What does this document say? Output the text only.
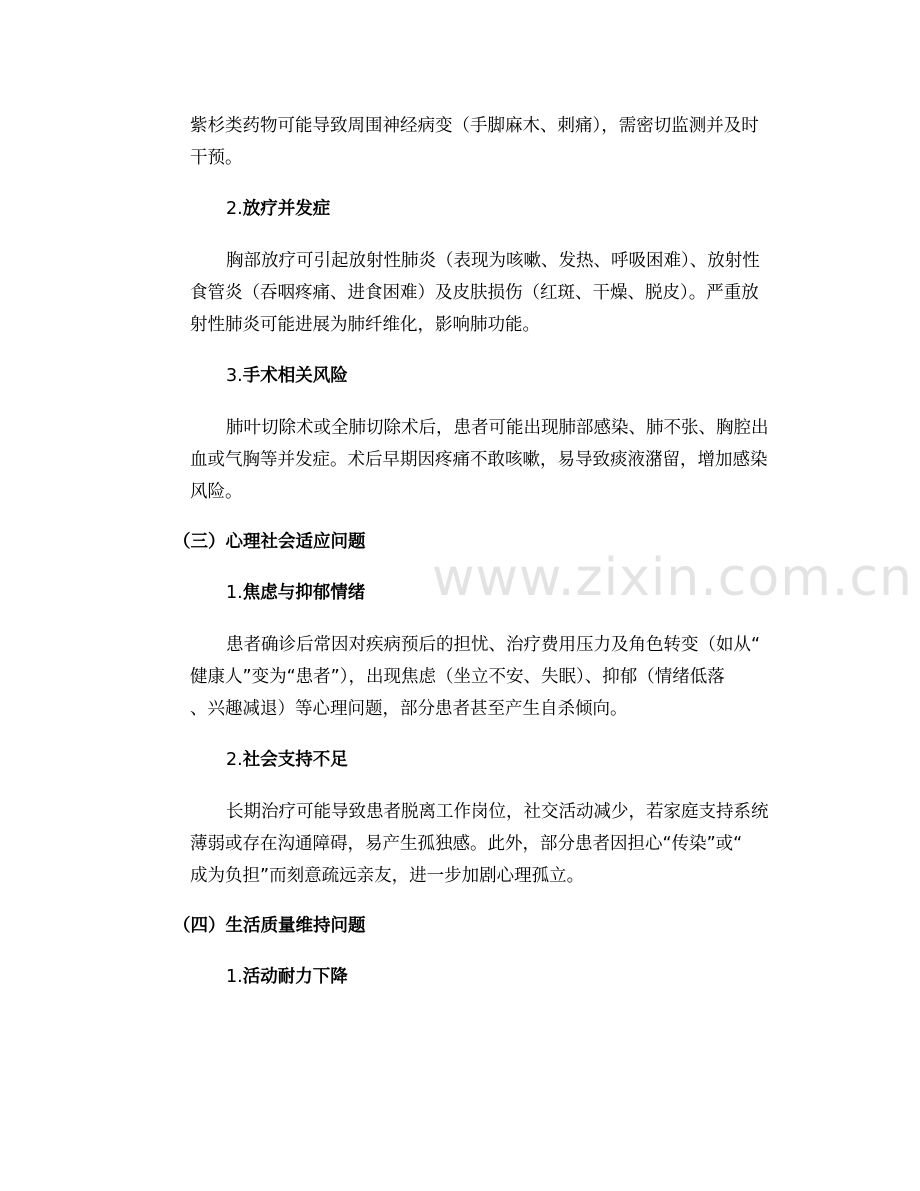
紫杉类药物可能导致周围神经病变（手脚麻木、刺痛），需密切监测并及时
干预。
2.放疗并发症
胸部放疗可引起放射性肺炎（表现为咳嗽、发热、呼吸困难）、放射性
食管炎（吞咽疼痛、进食困难）及皮肤损伤（红斑、干燥、脱皮）。严重放
射性肺炎可能进展为肺纤维化，影响肺功能。
3.手术相关风险
肺叶切除术或全肺切除术后，患者可能出现肺部感染、肺不张、胸腔出
血或气胸等并发症。术后早期因疼痛不敢咳嗽，易导致痰液潴留，增加感染
风险。
（三）心理社会适应问题
1.焦虑与抑郁情绪
患者确诊后常因对疾病预后的担忧、治疗费用压力及角色转变（如从“
健康人”变为“患者”），出现焦虑（坐立不安、失眠）、抑郁（情绪低落
、兴趣减退）等心理问题，部分患者甚至产生自杀倾向。
2.社会支持不足
长期治疗可能导致患者脱离工作岗位，社交活动减少，若家庭支持系统
薄弱或存在沟通障碍，易产生孤独感。此外，部分患者因担心“传染”或“
成为负担”而刻意疏远亲友，进一步加剧心理孤立。
（四）生活质量维持问题
1.活动耐力下降
www.zixin.com.cn
